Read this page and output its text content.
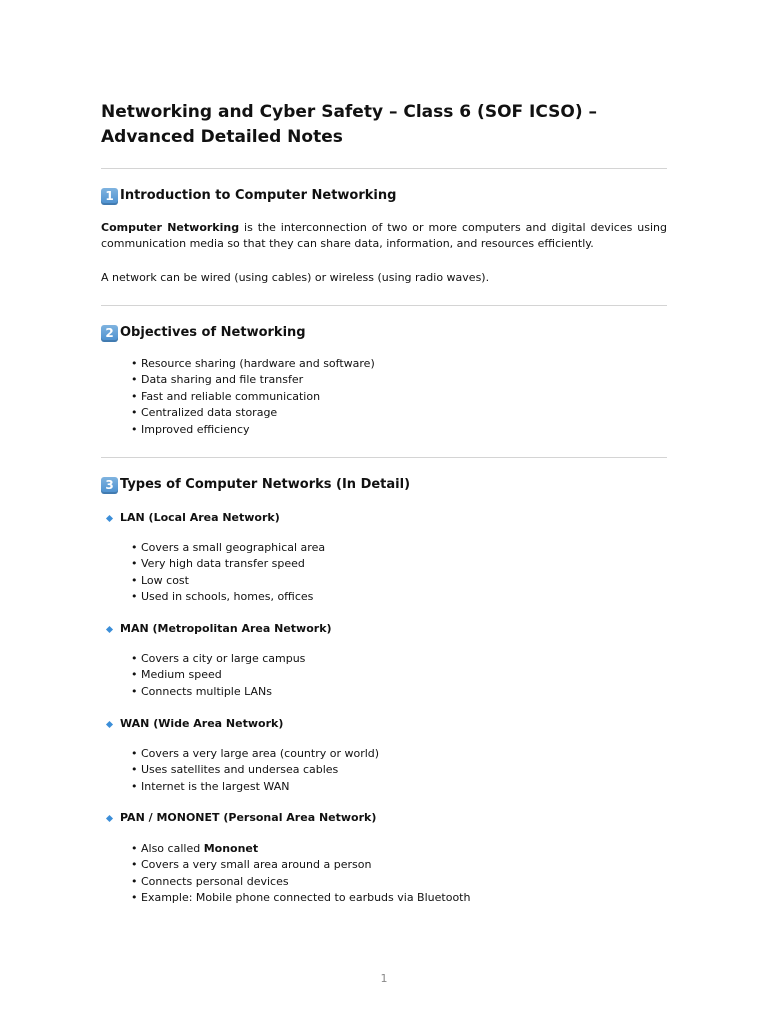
Networking and Cyber Safety – Class 6 (SOF ICSO) – Advanced Detailed Notes
1 Introduction to Computer Networking

Computer Networking is the interconnection of two or more computers and digital devices using communication media so that they can share data, information, and resources efficiently.

A network can be wired (using cables) or wireless (using radio waves).

2 Objectives of Networking
• Resource sharing (hardware and software)
• Data sharing and file transfer
• Fast and reliable communication
• Centralized data storage
• Improved efficiency
3 Types of Computer Networks (In Detail)
LAN (Local Area Network)
• Covers a small geographical area
• Very high data transfer speed
• Low cost
• Used in schools, homes, offices
MAN (Metropolitan Area Network)
• Covers a city or large campus
• Medium speed
• Connects multiple LANs
WAN (Wide Area Network)
• Covers a very large area (country or world)
• Uses satellites and undersea cables
• Internet is the largest WAN
PAN / MONONET (Personal Area Network)
• Also called Mononet
• Covers a very small area around a person
• Connects personal devices
• Example: Mobile phone connected to earbuds via Bluetooth
1
